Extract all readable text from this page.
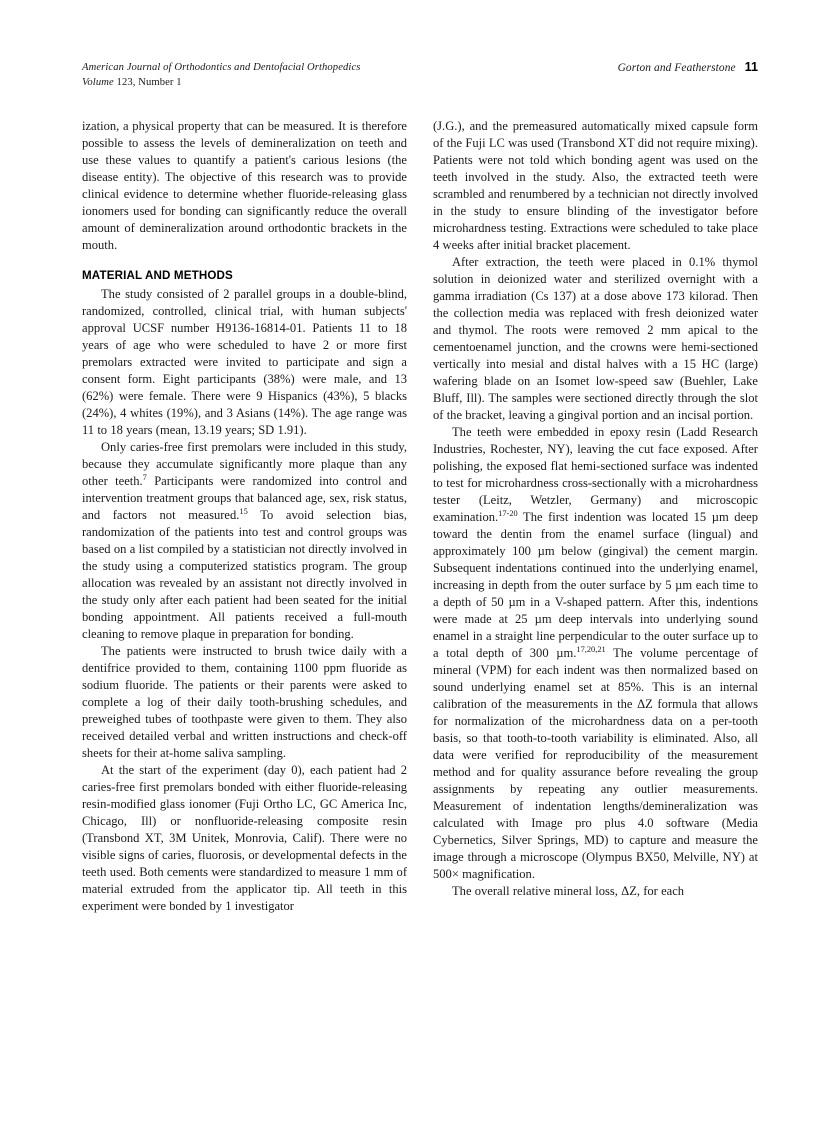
American Journal of Orthodontics and Dentofacial Orthopedics
Volume 123, Number 1
Gorton and Featherstone 11

ization, a physical property that can be measured. It is therefore possible to assess the levels of demineralization on teeth and use these values to quantify a patient's carious lesions (the disease entity). The objective of this research was to provide clinical evidence to determine whether fluoride-releasing glass ionomers used for bonding can significantly reduce the overall amount of demineralization around orthodontic brackets in the mouth.

MATERIAL AND METHODS

The study consisted of 2 parallel groups in a double-blind, randomized, controlled, clinical trial, with human subjects' approval UCSF number H9136-16814-01. Patients 11 to 18 years of age who were scheduled to have 2 or more first premolars extracted were invited to participate and sign a consent form. Eight participants (38%) were male, and 13 (62%) were female. There were 9 Hispanics (43%), 5 blacks (24%), 4 whites (19%), and 3 Asians (14%). The age range was 11 to 18 years (mean, 13.19 years; SD 1.91).

Only caries-free first premolars were included in this study, because they accumulate significantly more plaque than any other teeth.$^7$ Participants were randomized into control and intervention treatment groups that balanced age, sex, risk status, and factors not measured.$^{15}$ To avoid selection bias, randomization of the patients into test and control groups was based on a list compiled by a statistician not directly involved in the study using a computerized statistics program. The group allocation was revealed by an assistant not directly involved in the study only after each patient had been seated for the initial bonding appointment. All patients received a full-mouth cleaning to remove plaque in preparation for bonding.

The patients were instructed to brush twice daily with a dentifrice provided to them, containing 1100 ppm fluoride as sodium fluoride. The patients or their parents were asked to complete a log of their daily tooth-brushing schedules, and preweighed tubes of toothpaste were given to them. They also received detailed verbal and written instructions and check-off sheets for their at-home saliva sampling.

At the start of the experiment (day 0), each patient had 2 caries-free first premolars bonded with either fluoride-releasing resin-modified glass ionomer (Fuji Ortho LC, GC America Inc, Chicago, Ill) or nonfluoride-releasing composite resin (Transbond XT, 3M Unitek, Monrovia, Calif). There were no visible signs of caries, fluorosis, or developmental defects in the teeth used. Both cements were standardized to measure 1 mm of material extruded from the applicator tip. All teeth in this experiment were bonded by 1 investigator

(J.G.), and the premeasured automatically mixed capsule form of the Fuji LC was used (Transbond XT did not require mixing). Patients were not told which bonding agent was used on the teeth involved in the study. Also, the extracted teeth were scrambled and renumbered by a technician not directly involved in the study to ensure blinding of the investigator before microhardness testing. Extractions were scheduled to take place 4 weeks after initial bracket placement.

After extraction, the teeth were placed in 0.1% thymol solution in deionized water and sterilized overnight with a gamma irradiation (Cs 137) at a dose above 173 kilorad. Then the collection media was replaced with fresh deionized water and thymol. The roots were removed 2 mm apical to the cementoenamel junction, and the crowns were hemi-sectioned vertically into mesial and distal halves with a 15 HC (large) wafering blade on an Isomet low-speed saw (Buehler, Lake Bluff, Ill). The samples were sectioned directly through the slot of the bracket, leaving a gingival portion and an incisal portion.

The teeth were embedded in epoxy resin (Ladd Research Industries, Rochester, NY), leaving the cut face exposed. After polishing, the exposed flat hemi-sectioned surface was indented to test for microhardness cross-sectionally with a microhardness tester (Leitz, Wetzler, Germany) and microscopic examination.$^{17-20}$ The first indention was located 15 µm deep toward the dentin from the enamel surface (lingual) and approximately 100 µm below (gingival) the cement margin. Subsequent indentations continued into the underlying enamel, increasing in depth from the outer surface by 5 µm each time to a depth of 50 µm in a V-shaped pattern. After this, indentions were made at 25 µm deep intervals into underlying sound enamel in a straight line perpendicular to the outer surface up to a total depth of 300 µm.$^{17,20,21}$ The volume percentage of mineral (VPM) for each indent was then normalized based on sound underlying enamel set at 85%. This is an internal calibration of the measurements in the ΔZ formula that allows for normalization of the microhardness data on a per-tooth basis, so that tooth-to-tooth variability is eliminated. Also, all data were verified for reproducibility of the measurement method and for quality assurance before revealing the group assignments by repeating any outlier measurements. Measurement of indentation lengths/demineralization was calculated with Image pro plus 4.0 software (Media Cybernetics, Silver Springs, MD) to capture and measure the image through a microscope (Olympus BX50, Melville, NY) at 500× magnification.

The overall relative mineral loss, ΔZ, for each
